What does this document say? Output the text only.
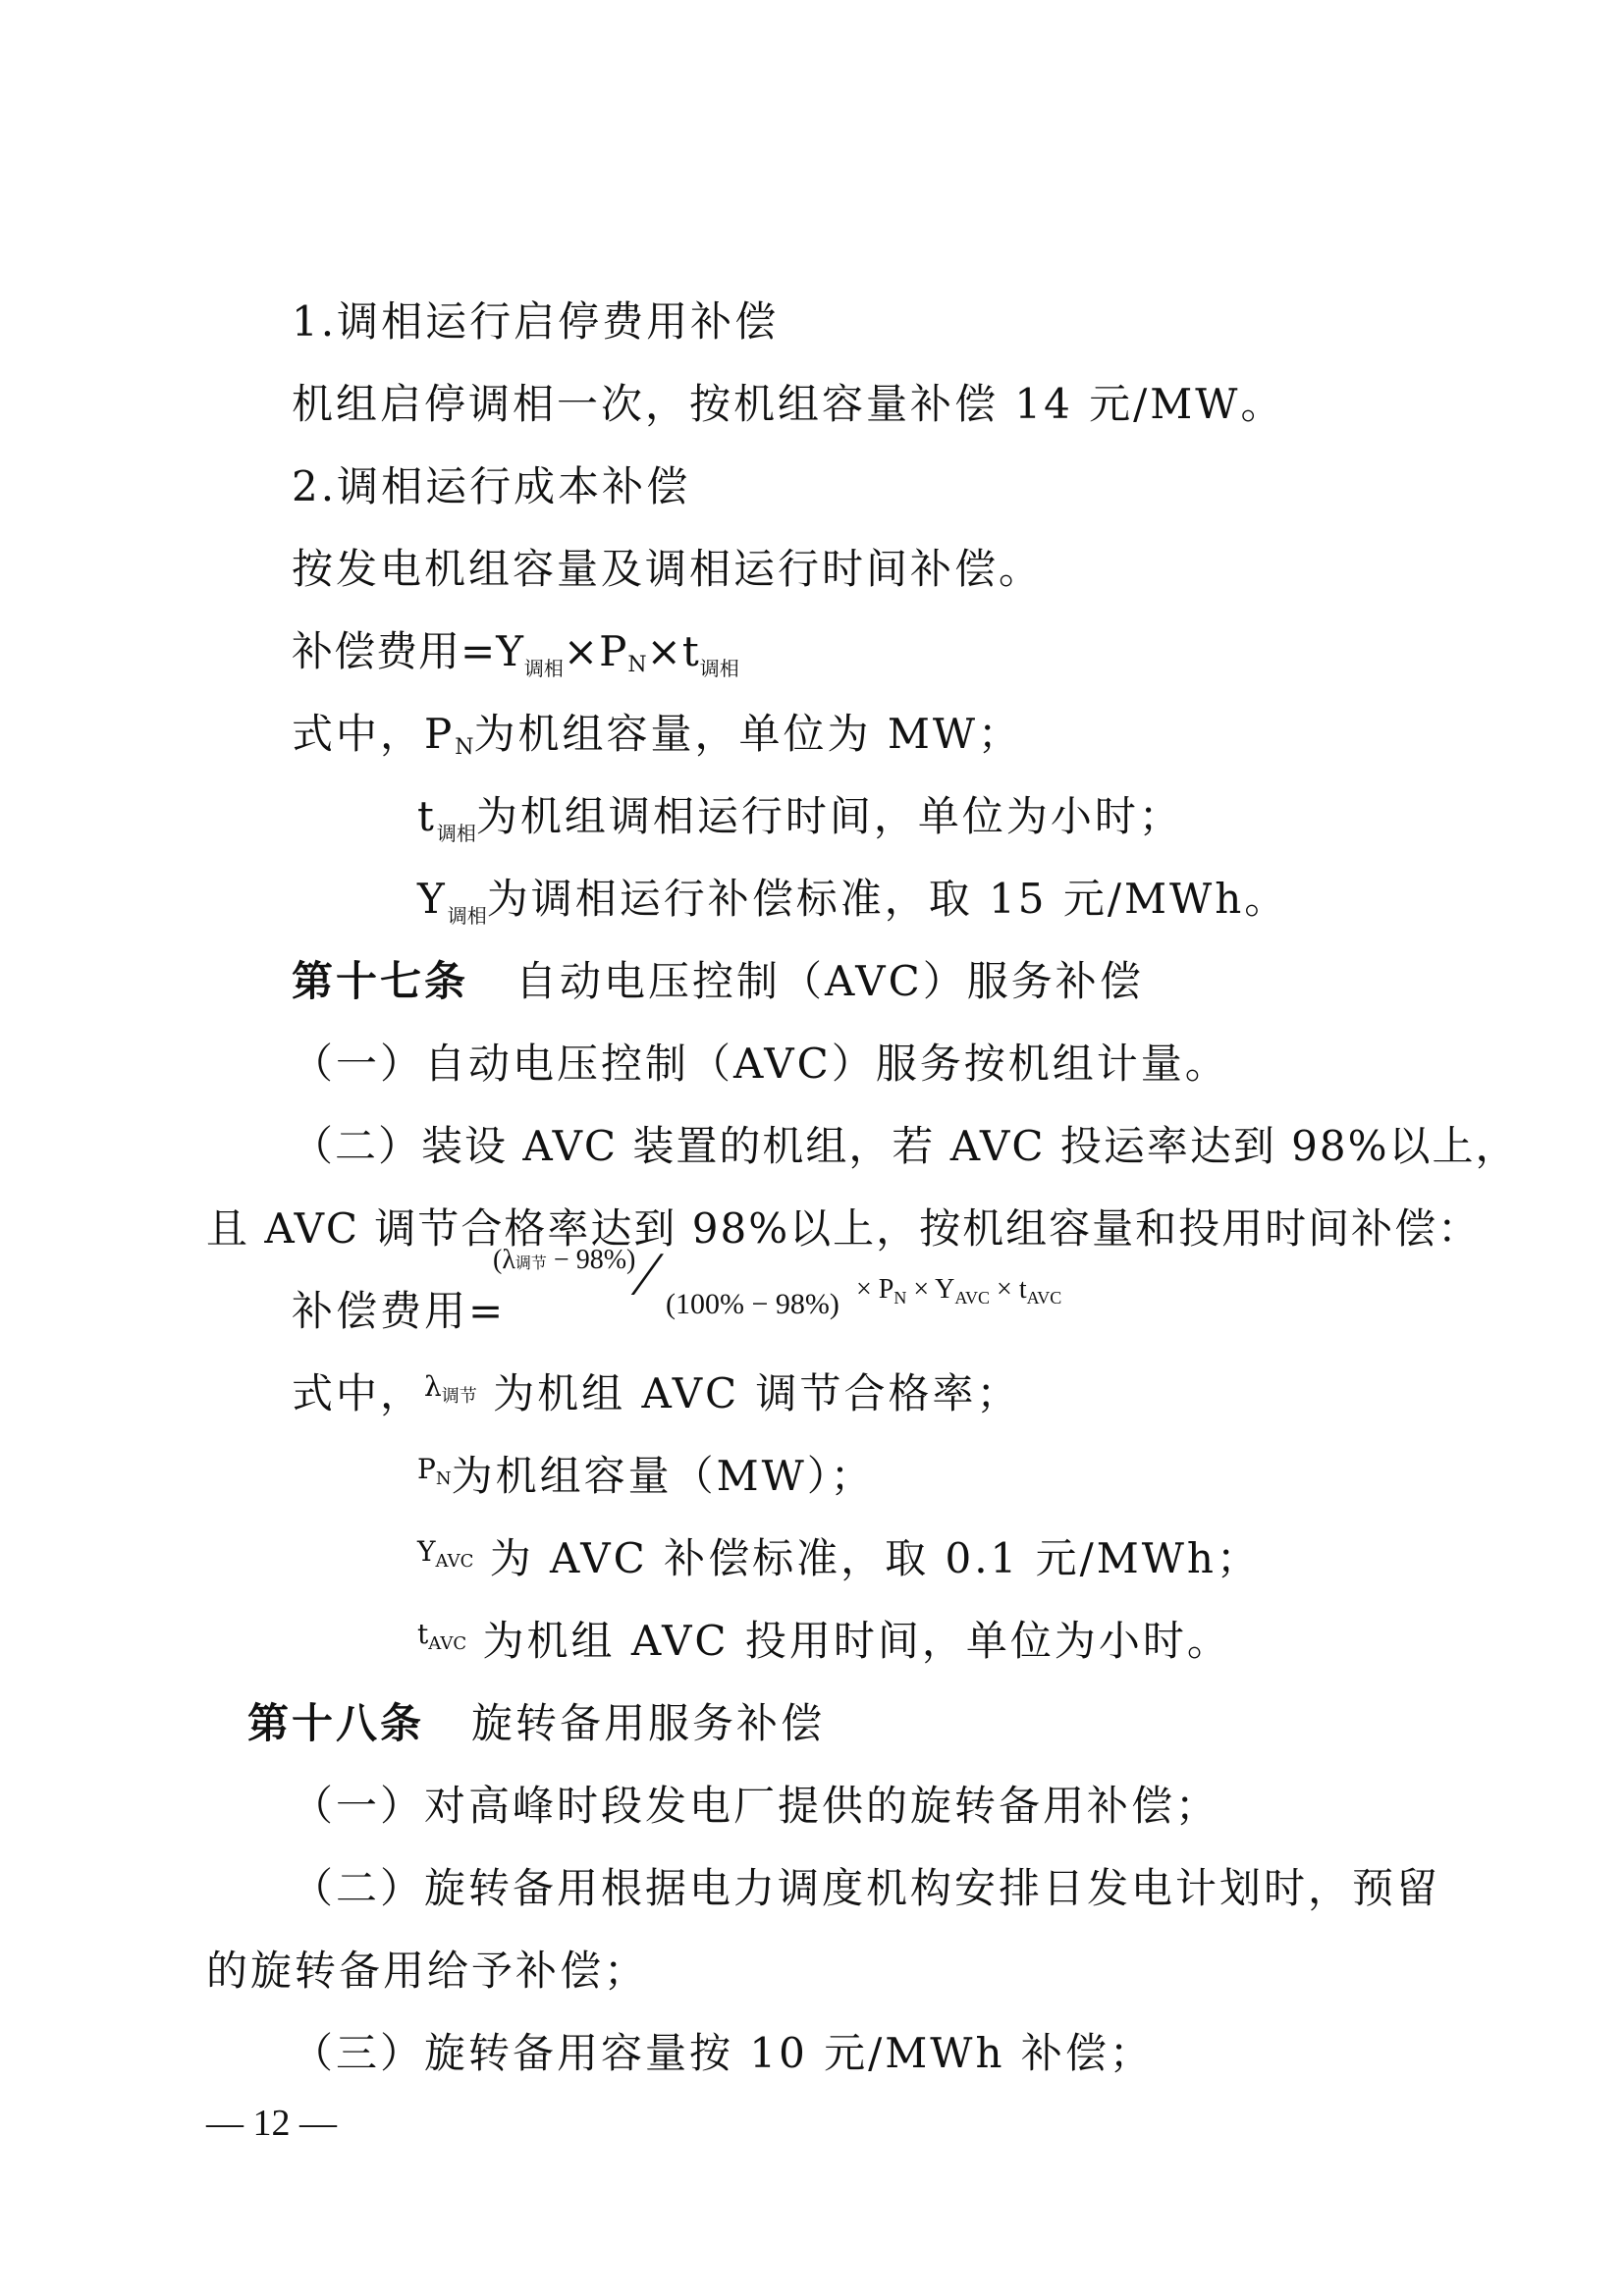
1.调相运行启停费用补偿
机组启停调相一次，按机组容量补偿 14 元/MW。
2.调相运行成本补偿
按发电机组容量及调相运行时间补偿。
补偿费用$=Y_{调相}\times PN\times t_{调相}$
式中，PN为机组容量，单位为 MW；
$t_{调相}$为机组调相运行时间，单位为小时；
$Y_{调相}$为调相运行补偿标准，取 15 元/MWh。
第十七条 自动电压控制（AVC）服务补偿
（一）自动电压控制（AVC）服务按机组计量。
（二）装设 AVC 装置的机组，若 AVC 投运率达到 98%以上，
且 AVC 调节合格率达到 98%以上，按机组容量和投用时间补偿：
补偿费用=
(λ调节 − 98%) ⁄ $(100\% - 98\%) \times P_N \times Y_{AVC} \times t_{AVC}$
式中，$^\lambda$调节 为机组 AVC 调节合格率；
$^P$N为机组容量（MW）；
$^Y$AVC 为 AVC 补偿标准，取 0.1 元/MWh；
$^t$AVC 为机组 AVC 投用时间，单位为小时。
第十八条 旋转备用服务补偿
（一）对高峰时段发电厂提供的旋转备用补偿；
（二）旋转备用根据电力调度机构安排日发电计划时，预留
的旋转备用给予补偿；
（三）旋转备用容量按 10 元/MWh 补偿；
— 12 —
